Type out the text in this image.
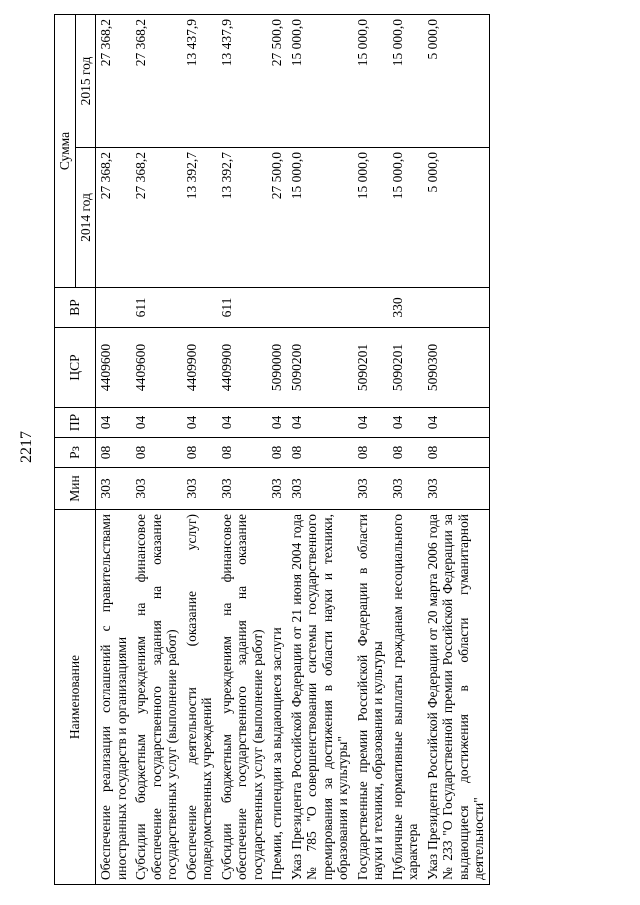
2217
Наименование	Мин	Рз	ПР	ЦСР	ВР	Сумма	
						2014 год	2015 год
Обеспечение реализации соглашений с правительствами иностранных государств и организациями	303	08	04	4409600		27 368,2	27 368,2
Субсидии бюджетным учреждениям на финансовое обеспечение государственного задания на оказание государственных услуг (выполнение работ)	303	08	04	4409600	611	27 368,2	27 368,2
Обеспечение деятельности (оказание услуг) подведомственных учреждений	303	08	04	4409900		13 392,7	13 437,9
Субсидии бюджетным учреждениям на финансовое обеспечение государственного задания на оказание государственных услуг (выполнение работ)	303	08	04	4409900	611	13 392,7	13 437,9
Премии, стипендии за выдающиеся заслуги	303	08	04	5090000		27 500,0	27 500,0
Указ Президента Российской Федерации от 21 июня 2004 года № 785 "О совершенствовании системы государственного премирования за достижения в области науки и техники, образования и культуры"	303	08	04	5090200		15 000,0	15 000,0
Государственные премии Российской Федерации в области науки и техники, образования и культуры	303	08	04	5090201		15 000,0	15 000,0
Публичные нормативные выплаты гражданам несоциального характера	303	08	04	5090201	330	15 000,0	15 000,0
Указ Президента Российской Федерации от 20 марта 2006 года № 233 "О Государственной премии Российской Федерации за выдающиеся достижения в области гуманитарной деятельности"	303	08	04	5090300		5 000,0	5 000,0
